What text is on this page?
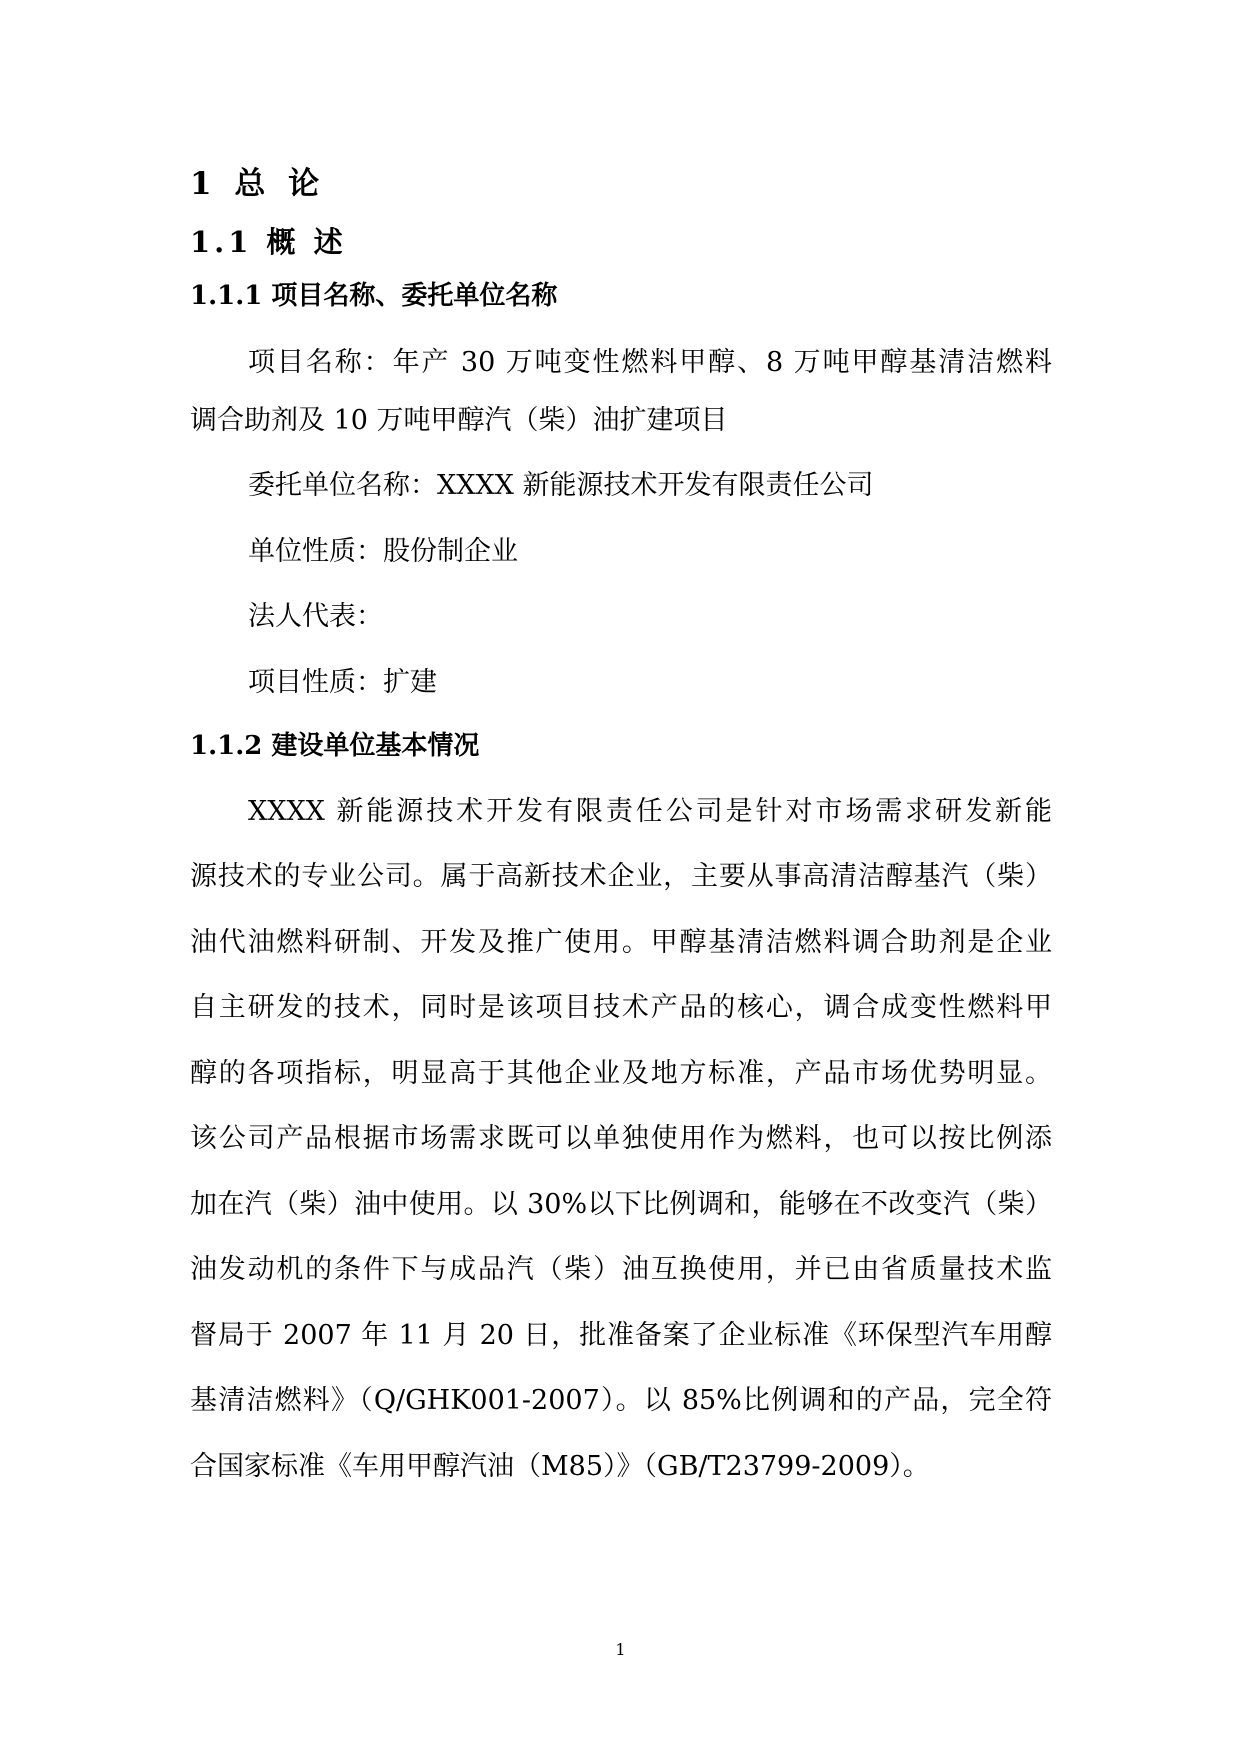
1 总 论
1.1 概 述
1.1.1 项目名称、委托单位名称
项目名称：年产 30 万吨变性燃料甲醇、8 万吨甲醇基清洁燃料
调合助剂及 10 万吨甲醇汽（柴）油扩建项目
委托单位名称：XXXX 新能源技术开发有限责任公司
单位性质：股份制企业
法人代表：
项目性质：扩建
1.1.2 建设单位基本情况
XXXX 新能源技术开发有限责任公司是针对市场需求研发新能
源技术的专业公司。属于高新技术企业，主要从事高清洁醇基汽（柴）
油代油燃料研制、开发及推广使用。甲醇基清洁燃料调合助剂是企业
自主研发的技术，同时是该项目技术产品的核心，调合成变性燃料甲
醇的各项指标，明显高于其他企业及地方标准，产品市场优势明显。
该公司产品根据市场需求既可以单独使用作为燃料，也可以按比例添
加在汽（柴）油中使用。以 30%以下比例调和，能够在不改变汽（柴）
油发动机的条件下与成品汽（柴）油互换使用，并已由省质量技术监
督局于 2007 年 11 月 20 日，批准备案了企业标准《环保型汽车用醇
基清洁燃料》（Q/GHK001-2007）。以 85%比例调和的产品，完全符
合国家标准《车用甲醇汽油（M85）》（GB/T23799-2009）。
1
